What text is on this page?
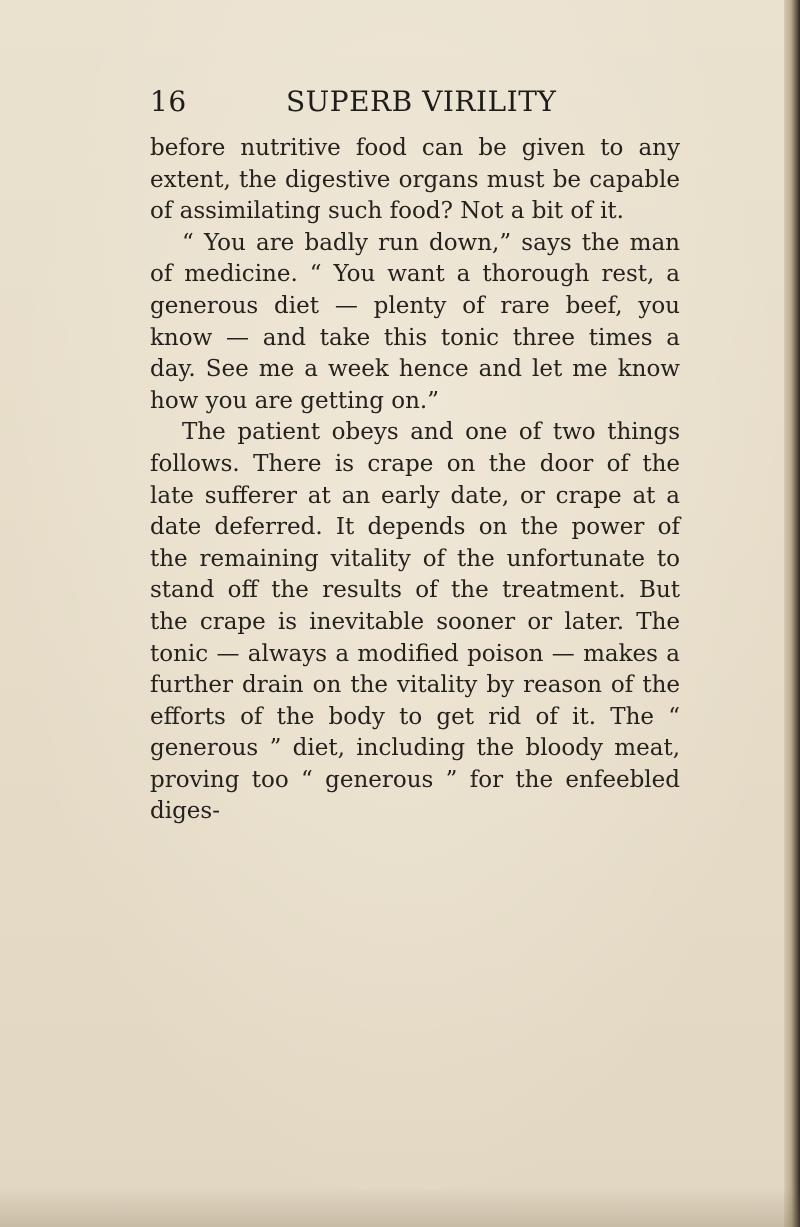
16	SUPERB VIRILITY

before nutritive food can be given to any extent, the digestive organs must be capable of assimilating such food? Not a bit of it.

“ You are badly run down,” says the man of medicine. “ You want a thorough rest, a generous diet — plenty of rare beef, you know — and take this tonic three times a day. See me a week hence and let me know how you are getting on.”

The patient obeys and one of two things follows. There is crape on the door of the late sufferer at an early date, or crape at a date deferred. It depends on the power of the remaining vitality of the unfortunate to stand off the results of the treatment. But the crape is inevitable sooner or later. The tonic — always a modified poison — makes a further drain on the vitality by reason of the efforts of the body to get rid of it. The “ generous ” diet, including the bloody meat, proving too “ generous ” for the enfeebled diges-
